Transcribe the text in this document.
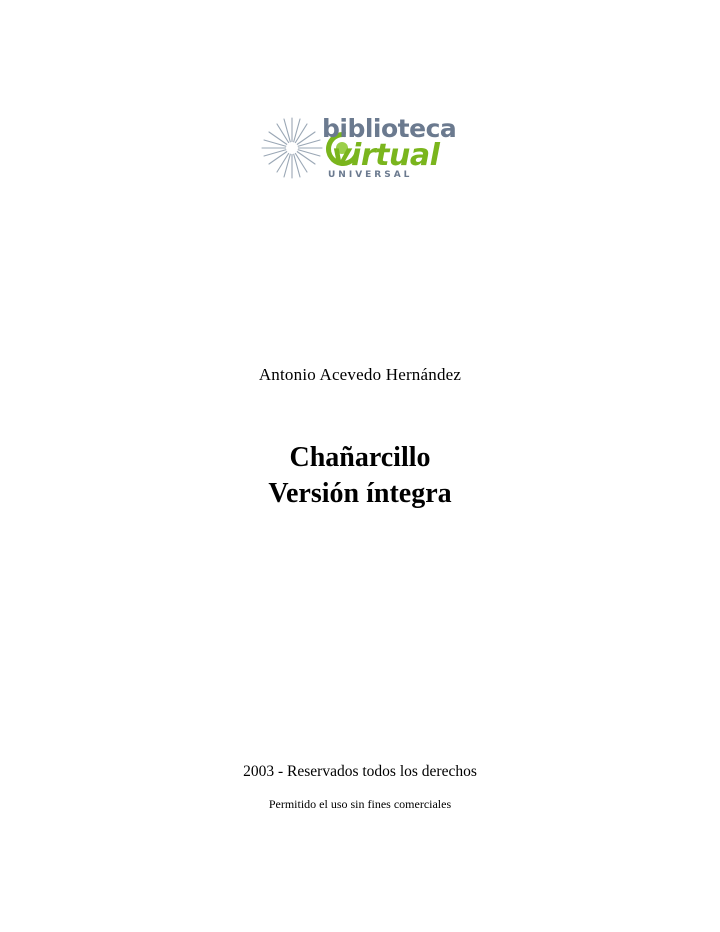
biblioteca
virtual
UNIVERSAL
Antonio Acevedo Hernández
Chañarcillo
Versión íntegra
2003 - Reservados todos los derechos
Permitido el uso sin fines comerciales
